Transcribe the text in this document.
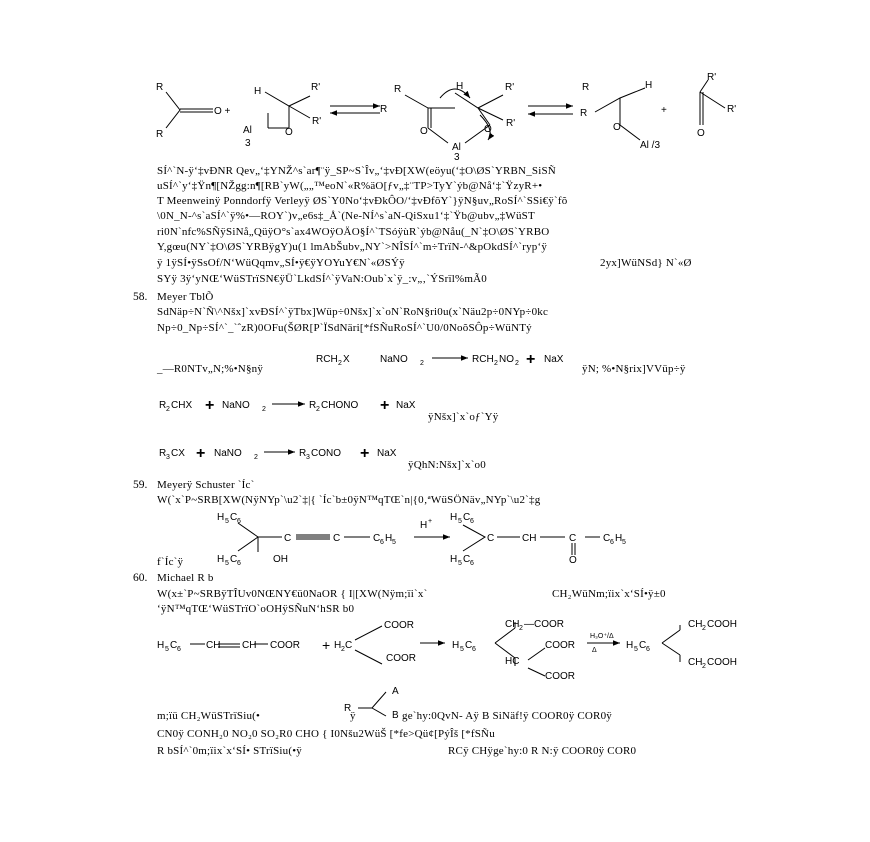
R
R
O +
H	R'
R'
Al
3
O
R	H	R'
R'
R
O	O
Al
3
R	H
R
O
Al /3
+
R'
R'
O
RCH 2 X	NaNO 2	RCH 2 NO 2 + NaX
R 2 CHX + NaNO 2	R 2 CHONO + NaX
R 3 CX + NaNO 2	R 3 CONO + NaX
H 5 C 6
H 5 C 6	OH
C	C	C 6 H 5
H + H 5 C 6
H 5 C 6
C	CH	C
O
C 6 H 5
H 5 C 6	CH CH COOR + H 2 C
COOR
COOR
H 5 C 6
CH 2 —COOR
HC
COOR
COOR
H₃O⁺/Δ
Δ	H 5 C 6
CH 2 COOH
CH 2 COOH
R
A
B
SÍ^`N-ÿ‘‡vÐNR Qev„‘‡YNŽ^s`ar¶¨ÿ_SP~S`Îv„‘‡vÐ[XW(eöyu(‘‡O\ØS`YRBN_SiSÑ
uSÍ^`y‘‡Ÿn¶[NŽgg:n¶[RB`yW(„„™eoN`«R%äO[ƒv„‡¨TP>TyY`ýb@Nå‘‡`ŸzyR+•
T Meenweinÿ Ponndorfÿ Verleyÿ ØS`Y0No‘‡vÐkÔO/‘‡vÐfõY`}ÿN§uv„RoSÍ^`SSi€ÿ`fõ
\0N_N-^s`aSÍ^`ÿ%•—ROY`)v„e6s‡_Å`(Ne-NÍ^s`aN-QiSxu1‘‡`Ÿb@ubv„‡WüST
ri0N`nfc%SÑÿSiNå„QüÿO°s`ax4WOÿOÄO§Í^`TSóÿùR`ýb@Nåu(_N`‡O\ØS`YRBO
Y,gœu(NY`‡O\ØS`YRBÿgY)u(1 lmAbŠubv„NY`>NÎSÍ^`m÷TrïN-^&pOkdSÍ^`ryp‘ÿ
ÿ 1ÿSÍ•ÿSsOf/N‘WüQqmv„SÍ•ÿ€ÿYOYuY€N`«ØSÝÿ	2yx]WüNSd} N`«Ø
SYÿ 3ÿ‘yNŒ‘WüSTrïSN€ÿÜ`LkdSÍ^`ÿVaN:Oub`x`ÿ_:v„‚`ÝSrïl%mÃ0
58. Meyer TblÕ
SdNäp÷N`Ñ\^Nšx]`xvÐSÍ^`ÿTbx]Wüp÷0Nšx]`x`oN`RoN§ri0u(x`Näu2p÷0NYp÷0kc
Np÷0_Np÷SÍ^`_`ˆzR)0OFu(ŠØR[P`ÏSdNäri[*fSÑuRoSÍ^`U0/0NoõSÔp÷WüNTý
_—R0NTv„N;%•N§nÿ	ÿN; %•N§rix]VVüp÷ÿ
ÿNšx]`x`oƒ`Yÿ
ÿQhN:Nšx]`x`o0
59. Meyerÿ Schuster `Íc`
W(`x`P~SRB[XW(NÿNYp`\u2`‡|{ `Íc`b±0ÿN™qTŒ`n|{0‚ªWüSÖNäv„NYp`\u2`‡g
f`Íc`ÿ
60. Michael R b
W(x±`P~SRBÿTÎUv0NŒNY€ü0NaOR { I|[XW(Nÿm;ïi`x`	CH₂WüNm;ïix`x‘SÍ•ÿ±0
‘ÿN™qTŒ‘WüSTrïO`oOHÿSÑuN‘hSR b0
m;ïü CH₂WüSTrïSiu(•	ÿ	ge`hy:0QvN- Aÿ B SiNäf!ÿ COOR0ÿ COR0ÿ
CN0ÿ CONH₂0 NO₂0 SO₂R0 CHO { I0Nšu2WüŠ [*fe>Qü¢[PýÎš [*fSÑu
R bSÍ^`0m;ïix`x‘SÍ• STrïSiu(•ÿ	RCÿ CHÿge`hy:0 R N:ÿ COOR0ÿ COR0
